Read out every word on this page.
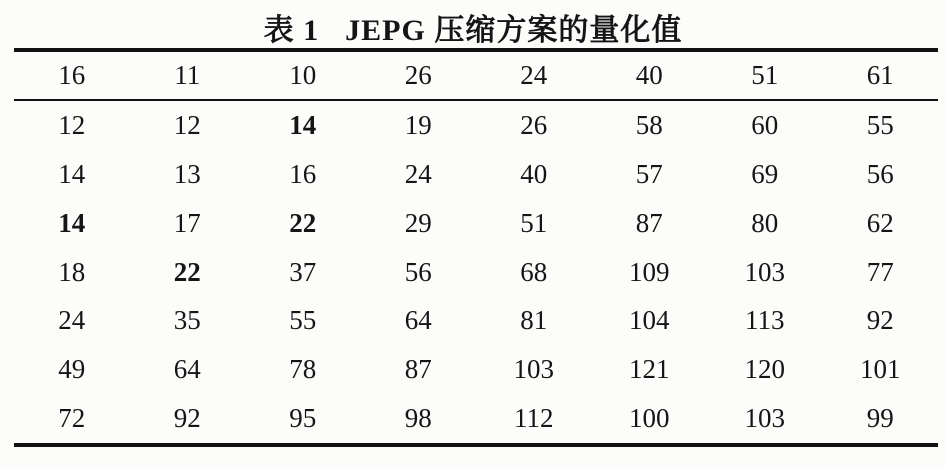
表 1 JEPG 压缩方案的量化值
16	11	10	26	24	40	51	61
12	12	14	19	26	58	60	55
14	13	16	24	40	57	69	56
14	17	22	29	51	87	80	62
18	22	37	56	68	109	103	77
24	35	55	64	81	104	113	92
49	64	78	87	103	121	120	101
72	92	95	98	112	100	103	99
